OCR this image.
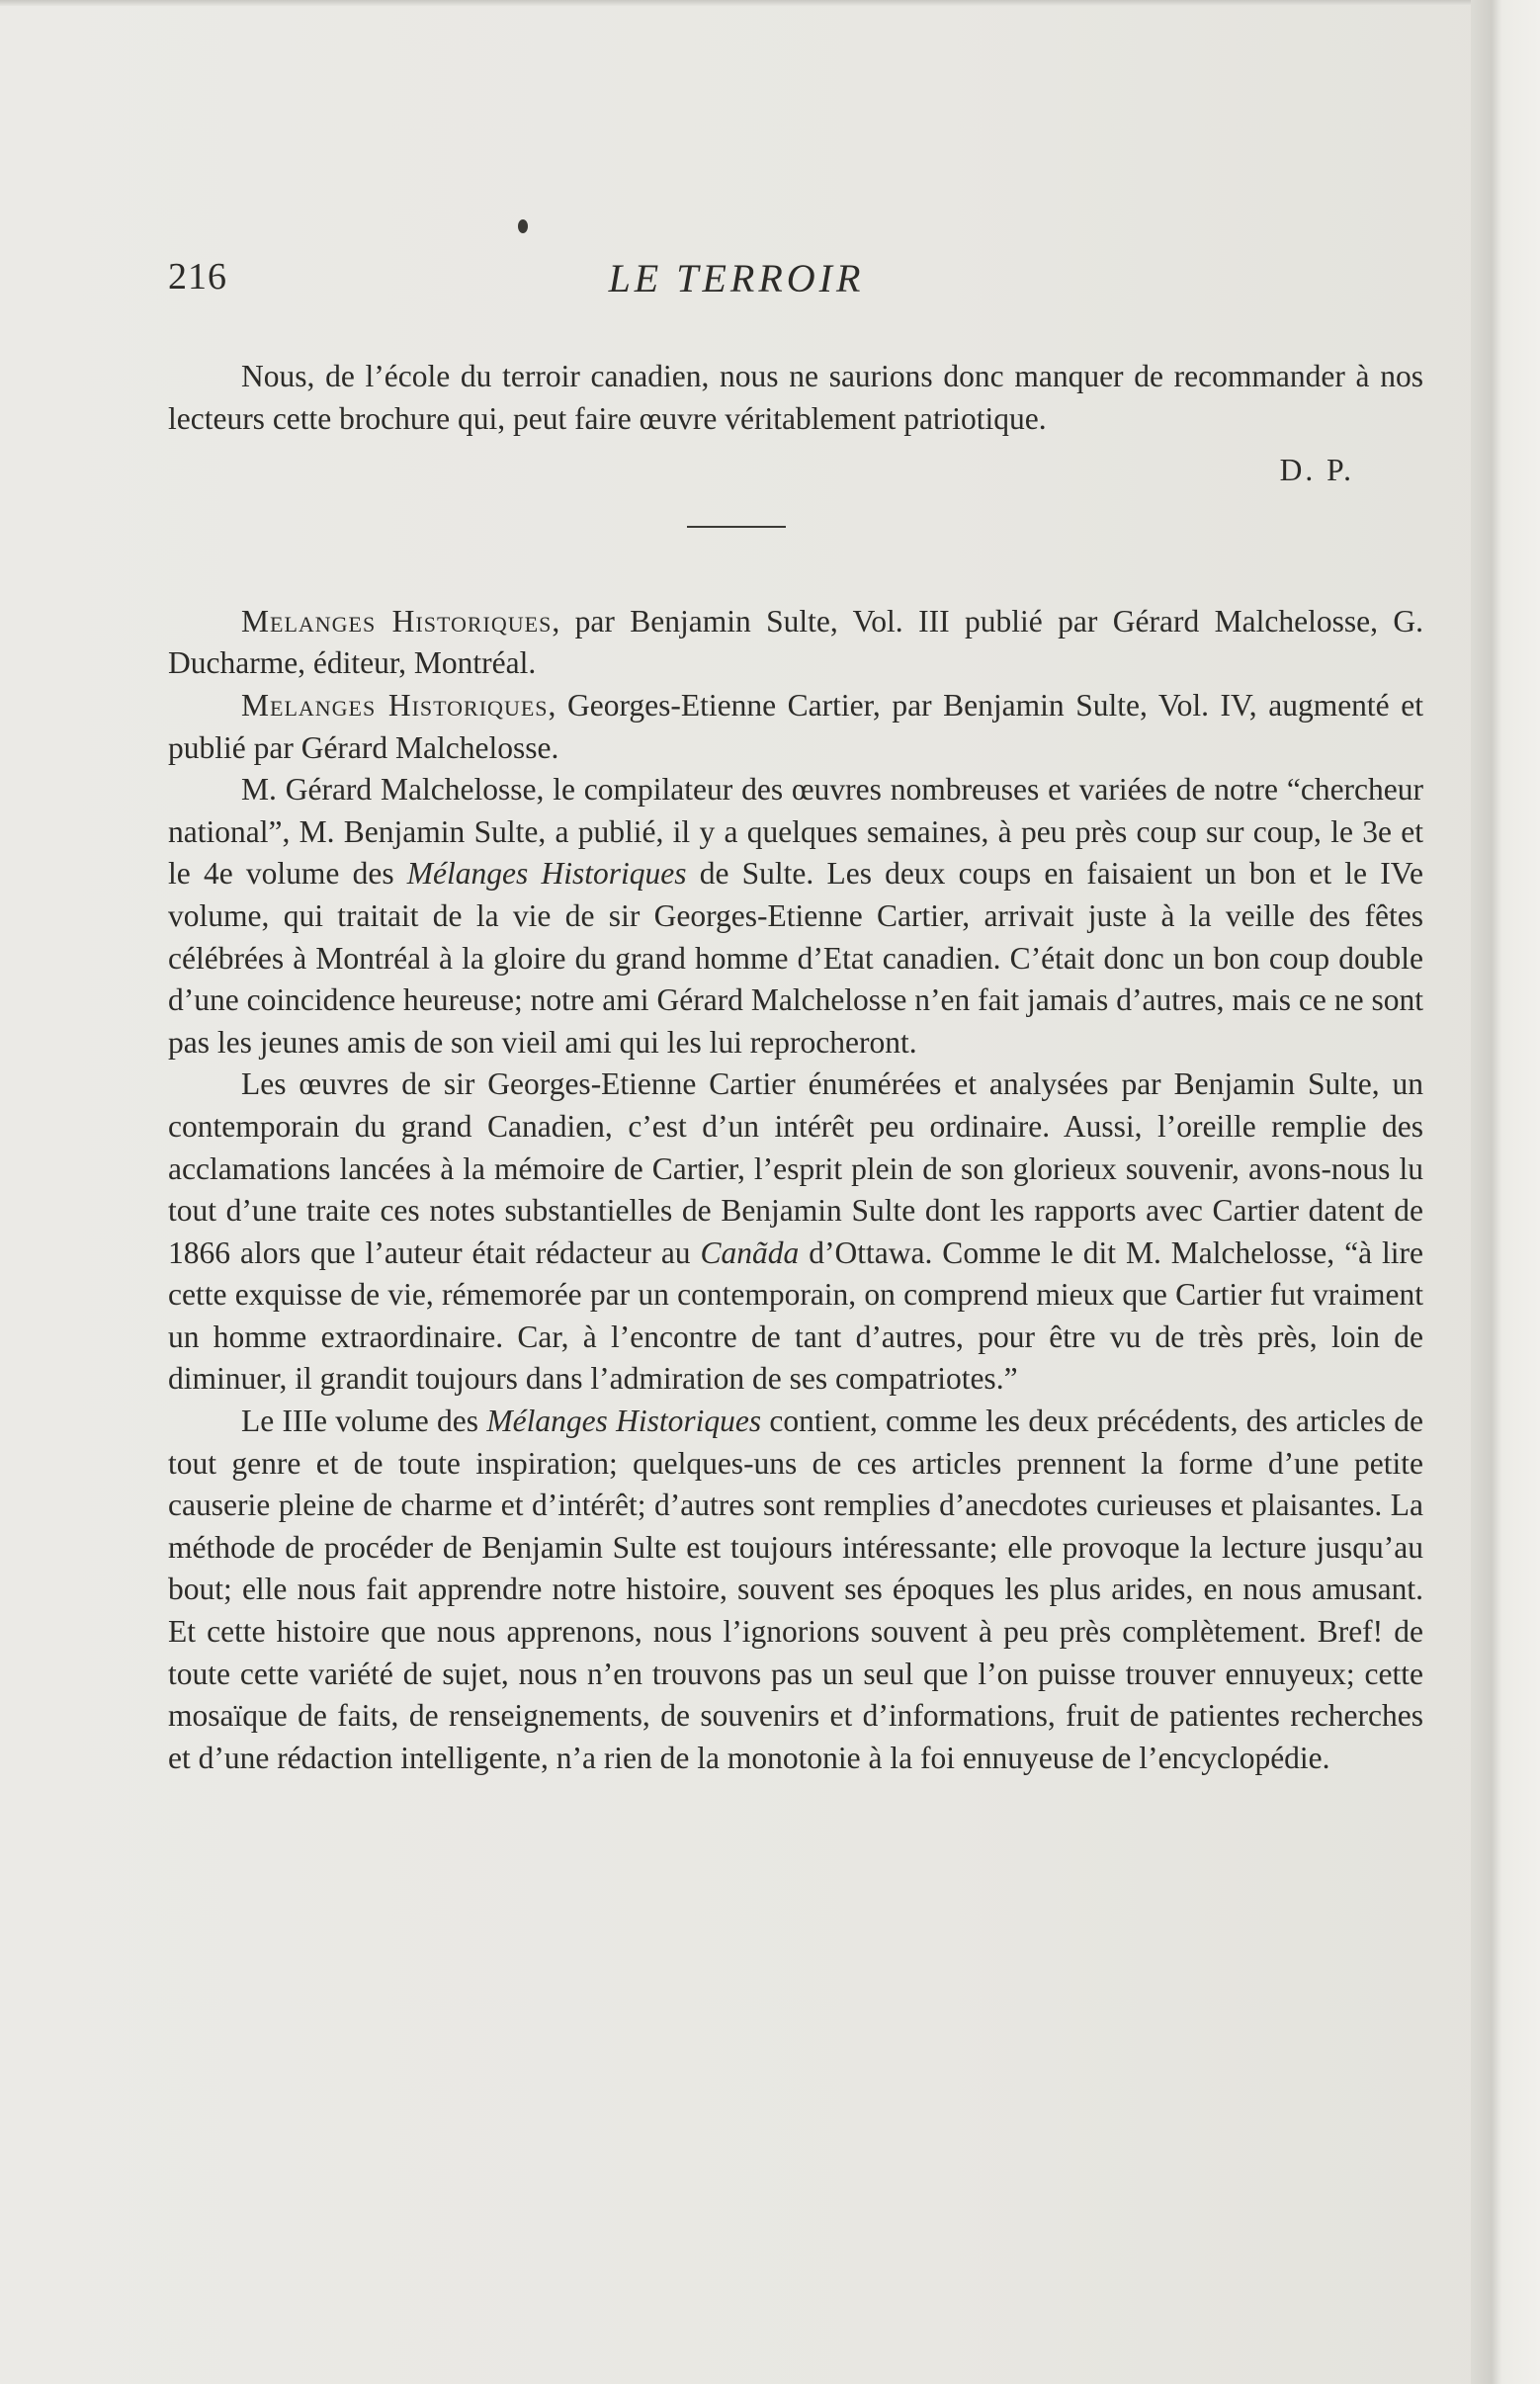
216	LE TERROIR

Nous, de l’école du terroir canadien, nous ne saurions donc manquer de recommander à nos lecteurs cette brochure qui, peut faire œuvre véritablement patriotique.

D. P.

Melanges Historiques, par Benjamin Sulte, Vol. III publié par Gérard Malchelosse, G. Ducharme, éditeur, Montréal.

Melanges Historiques, Georges-Etienne Cartier, par Benjamin Sulte, Vol. IV, augmenté et publié par Gérard Malchelosse.

M. Gérard Malchelosse, le compilateur des œuvres nombreuses et variées de notre “chercheur national”, M. Benjamin Sulte, a publié, il y a quelques semaines, à peu près coup sur coup, le 3e et le 4e volume des Mélanges Historiques de Sulte. Les deux coups en faisaient un bon et le IVe volume, qui traitait de la vie de sir Georges-Etienne Cartier, arrivait juste à la veille des fêtes célébrées à Montréal à la gloire du grand homme d’Etat canadien. C’était donc un bon coup double d’une coincidence heureuse; notre ami Gérard Malchelosse n’en fait jamais d’autres, mais ce ne sont pas les jeunes amis de son vieil ami qui les lui reprocheront.

Les œuvres de sir Georges-Etienne Cartier énumérées et analysées par Benjamin Sulte, un contemporain du grand Canadien, c’est d’un intérêt peu ordinaire. Aussi, l’oreille remplie des acclamations lancées à la mémoire de Cartier, l’esprit plein de son glorieux souvenir, avons-nous lu tout d’une traite ces notes substantielles de Benjamin Sulte dont les rapports avec Cartier datent de 1866 alors que l’auteur était rédacteur au Canãda d’Ottawa. Comme le dit M. Malchelosse, “à lire cette exquisse de vie, rémemorée par un contemporain, on comprend mieux que Cartier fut vraiment un homme extraordinaire. Car, à l’encontre de tant d’autres, pour être vu de très près, loin de diminuer, il grandit toujours dans l’admiration de ses compatriotes.”

Le IIIe volume des Mélanges Historiques contient, comme les deux précédents, des articles de tout genre et de toute inspiration; quelques-uns de ces articles prennent la forme d’une petite causerie pleine de charme et d’intérêt; d’autres sont remplies d’anecdotes curieuses et plaisantes. La méthode de procéder de Benjamin Sulte est toujours intéressante; elle provoque la lecture jusqu’au bout; elle nous fait apprendre notre histoire, souvent ses époques les plus arides, en nous amusant. Et cette histoire que nous apprenons, nous l’ignorions souvent à peu près complètement. Bref! de toute cette variété de sujet, nous n’en trouvons pas un seul que l’on puisse trouver ennuyeux; cette mosaïque de faits, de renseignements, de souvenirs et d’informations, fruit de patientes recherches et d’une rédaction intelligente, n’a rien de la monotonie à la foi ennuyeuse de l’encyclopédie.
